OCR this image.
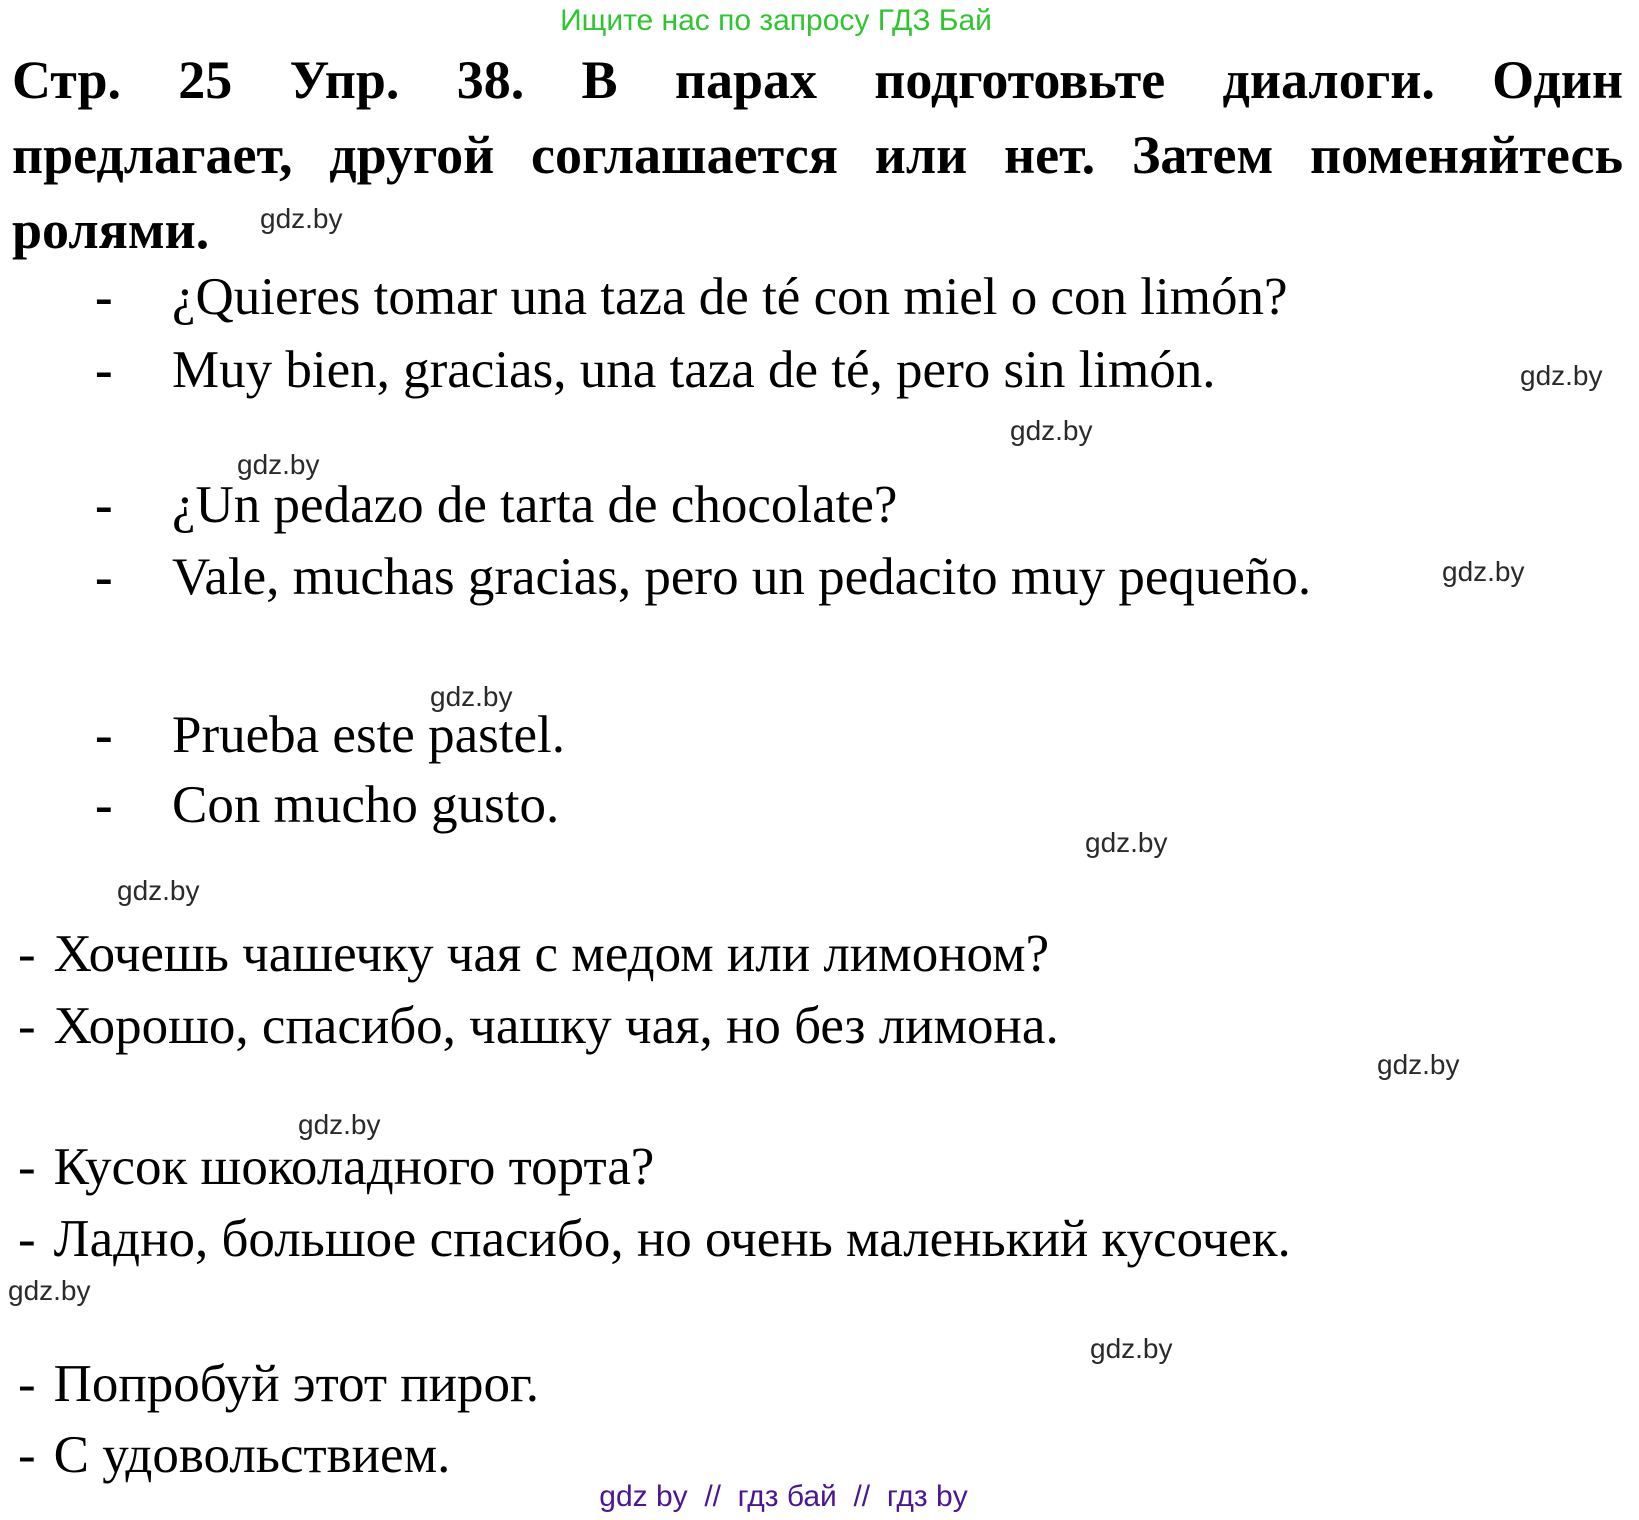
Ищите нас по запросу ГДЗ Бай
Стр. 25 Упр. 38. В парах подготовьте диалоги. Один
предлагает, другой соглашается или нет. Затем поменяйтесь
ролями.
- ¿Quieres tomar una taza de té con miel o con limón?
- Muy bien, gracias, una taza de té, pero sin limón.
- ¿Un pedazo de tarta de chocolate?
- Vale, muchas gracias, pero un pedacito muy pequeño.
- Prueba este pastel.
- Con mucho gusto.
- Хочешь чашечку чая с медом или лимоном?
- Хорошо, спасибо, чашку чая, но без лимона.
- Кусок шоколадного торта?
- Ладно, большое спасибо, но очень маленький кусочек.
- Попробуй этот пирог.
- С удовольствием.
gdz.by
gdz.by
gdz.by
gdz.by
gdz.by
gdz.by
gdz.by
gdz.by
gdz.by
gdz.by
gdz.by
gdz.by
gdz by  //  гдз бай  //  гдз by
